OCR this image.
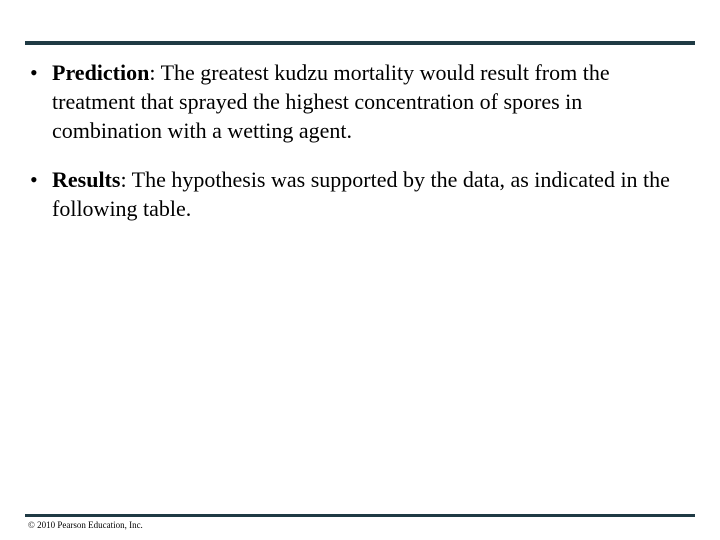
• Prediction: The greatest kudzu mortality would result from the treatment that sprayed the highest concentration of spores in combination with a wetting agent.
• Results: The hypothesis was supported by the data, as indicated in the following table.
© 2010 Pearson Education, Inc.
